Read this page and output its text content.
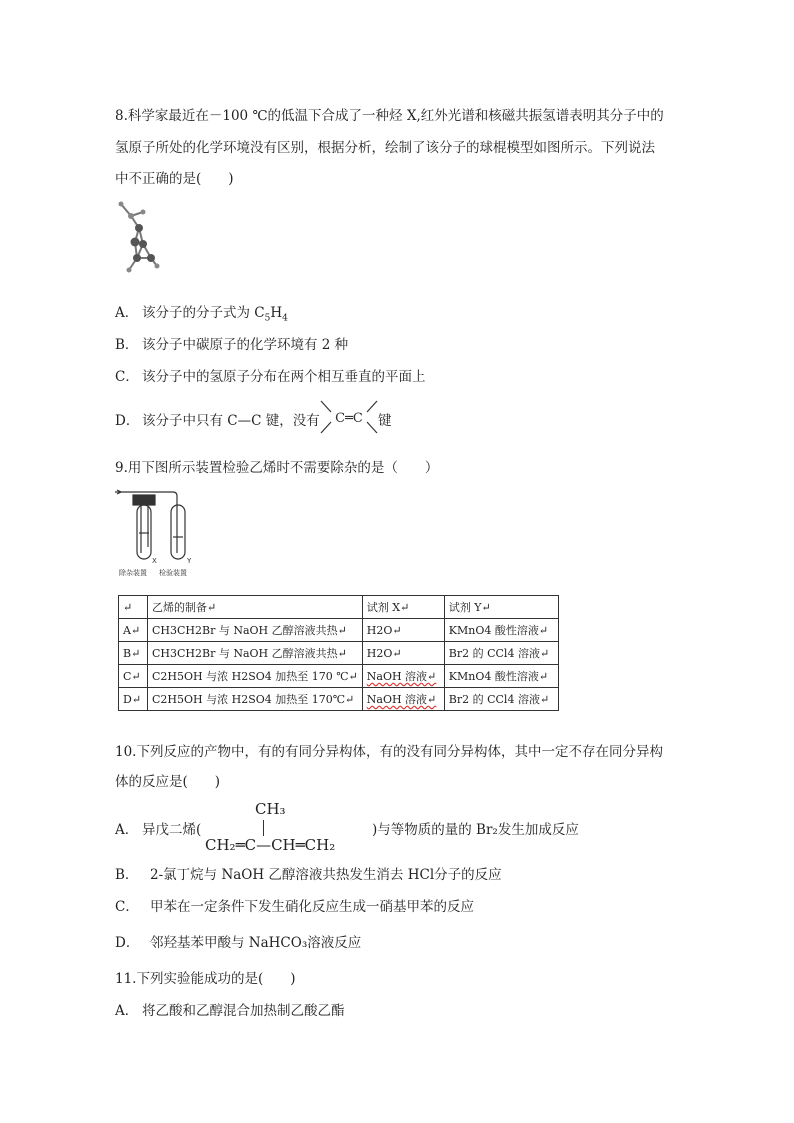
8.科学家最近在－100 ℃的低温下合成了一种烃 X,红外光谱和核磁共振氢谱表明其分子中的
氢原子所处的化学环境没有区别，根据分析，绘制了该分子的球棍模型如图所示。下列说法
中不正确的是(　　)
A． 该分子的分子式为 $C_5H_4$
B． 该分子中碳原子的化学环境有 2 种
C． 该分子中的氢原子分布在两个相互垂直的平面上
D． 该分子中只有 C—C 键，没有 C═C 键
9.用下图所示装置检验乙烯时不需要除杂的是（　　）
X	Y
除杂装置 检验装置
↵	乙烯的制备↵	试剂 X↵	试剂 Y↵
A↵	CH3CH2Br 与 NaOH 乙醇溶液共热↵	H2O↵	KMnO4 酸性溶液↵
B↵	CH3CH2Br 与 NaOH 乙醇溶液共热↵	H2O↵	Br2 的 CCl4 溶液↵
C↵	C2H5OH 与浓 H2SO4 加热至 170 ℃↵	NaOH 溶液↵	KMnO4 酸性溶液↵
D↵	C2H5OH 与浓 H2SO4 加热至 170℃↵	NaOH 溶液↵	Br2 的 CCl4 溶液↵
10.下列反应的产物中，有的有同分异构体，有的没有同分异构体，其中一定不存在同分异构
体的反应是(　　)
A． 异戊二烯(
CH₃
CH₂═C—CH═CH₂
)与等物质的量的 Br₂发生加成反应
B． 2-氯丁烷与 NaOH 乙醇溶液共热发生消去 HCl分子的反应
C． 甲苯在一定条件下发生硝化反应生成一硝基甲苯的反应
D． 邻羟基苯甲酸与 NaHCO₃溶液反应
11.下列实验能成功的是(　　)
A． 将乙酸和乙醇混合加热制乙酸乙酯
